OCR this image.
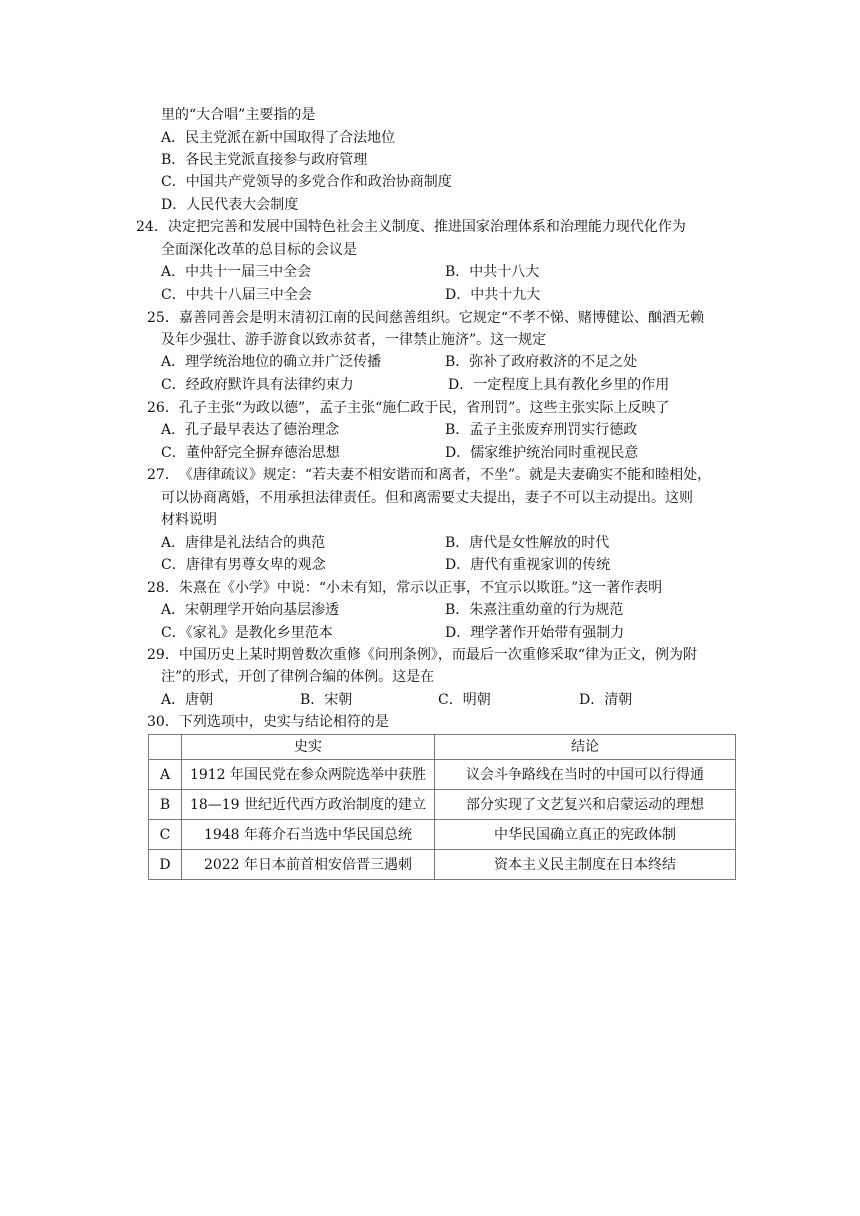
里的“大合唱”主要指的是
A．民主党派在新中国取得了合法地位
B．各民主党派直接参与政府管理
C．中国共产党领导的多党合作和政治协商制度
D．人民代表大会制度
24．决定把完善和发展中国特色社会主义制度、推进国家治理体系和治理能力现代化作为
全面深化改革的总目标的会议是
A．中共十一届三中全会	B．中共十八大
C．中共十八届三中全会	D．中共十九大
25．嘉善同善会是明末清初江南的民间慈善组织。它规定“不孝不悌、赌博健讼、酗酒无赖
及年少强壮、游手游食以致赤贫者，一律禁止施济”。这一规定
A．理学统治地位的确立并广泛传播	B．弥补了政府救济的不足之处
C．经政府默许具有法律约束力	D．一定程度上具有教化乡里的作用
26．孔子主张“为政以德”，孟子主张“施仁政于民，省刑罚”。这些主张实际上反映了
A．孔子最早表达了德治理念	B．孟子主张废弃刑罚实行德政
C．董仲舒完全摒弃德治思想	D．儒家维护统治同时重视民意
27．《唐律疏议》规定：“若夫妻不相安谐而和离者，不坐”。就是夫妻确实不能和睦相处，
可以协商离婚，不用承担法律责任。但和离需要丈夫提出，妻子不可以主动提出。这则
材料说明
A．唐律是礼法结合的典范	B．唐代是女性解放的时代
C．唐律有男尊女卑的观念	D．唐代有重视家训的传统
28．朱熹在《小学》中说：“小未有知，常示以正事，不宜示以欺诳。”这一著作表明
A．宋朝理学开始向基层渗透	B．朱熹注重幼童的行为规范
C．《家礼》是教化乡里范本	D．理学著作开始带有强制力
29．中国历史上某时期曾数次重修《问刑条例》，而最后一次重修采取“律为正文，例为附
注”的形式，开创了律例合编的体例。这是在
A．唐朝	B．宋朝	C．明朝	D．清朝
30．下列选项中，史实与结论相符的是
	史实	结论
A	1912 年国民党在参众两院选举中获胜	议会斗争路线在当时的中国可以行得通
B	18—19 世纪近代西方政治制度的建立	部分实现了文艺复兴和启蒙运动的理想
C	1948 年蒋介石当选中华民国总统	中华民国确立真正的宪政体制
D	2022 年日本前首相安倍晋三遇刺	资本主义民主制度在日本终结
